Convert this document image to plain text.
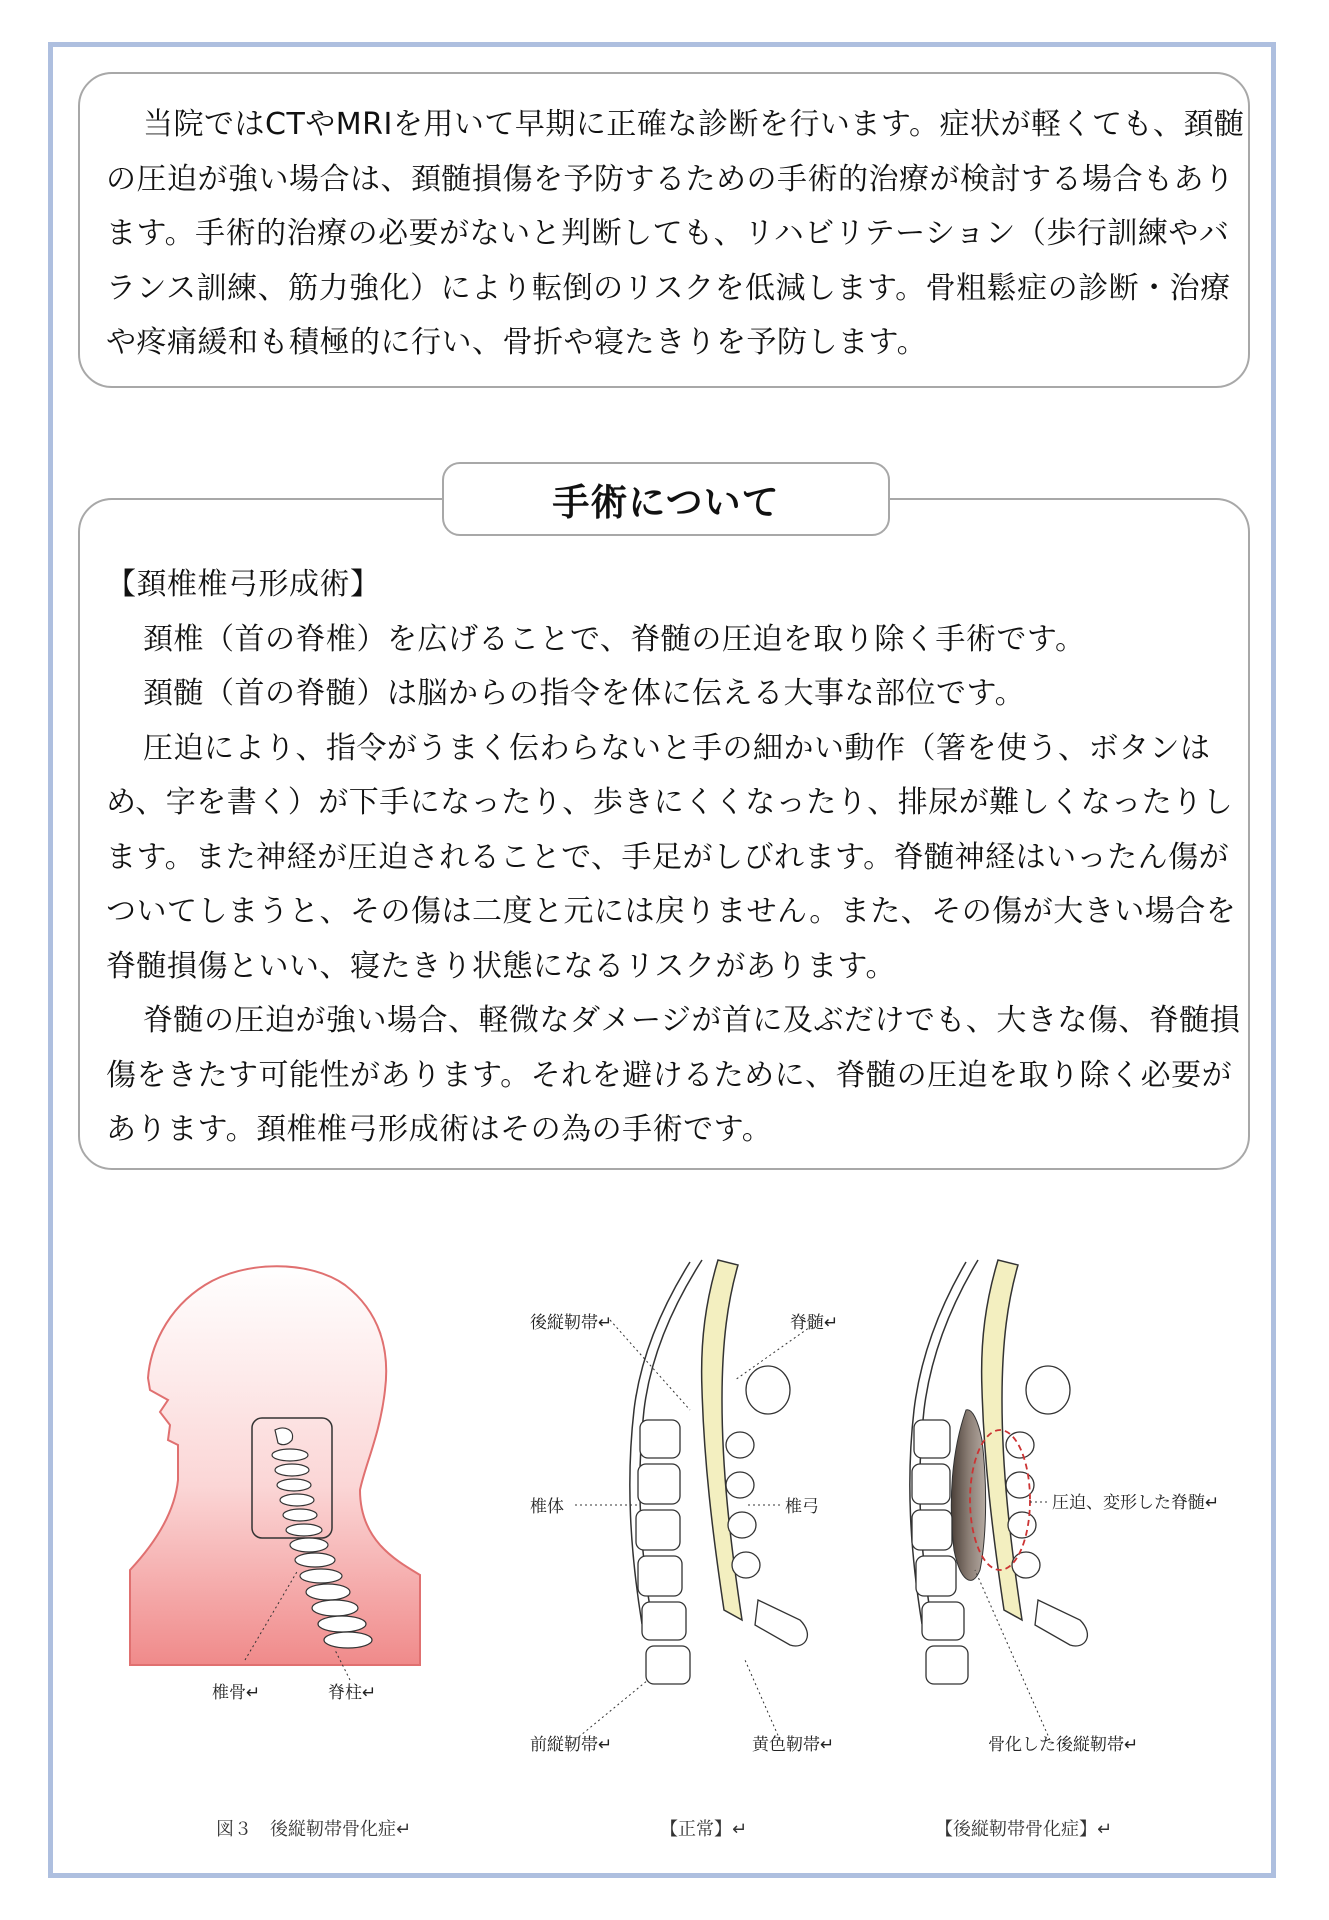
当院ではCTやMRIを用いて早期に正確な診断を行います。症状が軽くても、頚髄の圧迫が強い場合は、頚髄損傷を予防するための手術的治療が検討する場合もあります。手術的治療の必要がないと判断しても、リハビリテーション（歩行訓練やバランス訓練、筋力強化）により転倒のリスクを低減します。骨粗鬆症の診断・治療や疼痛緩和も積極的に行い、骨折や寝たきりを予防します。

手術について
【頚椎椎弓形成術】
頚椎（首の脊椎）を広げることで、脊髄の圧迫を取り除く手術です。
頚髄（首の脊髄）は脳からの指令を体に伝える大事な部位です。
圧迫により、指令がうまく伝わらないと手の細かい動作（箸を使う、ボタンはめ、字を書く）が下手になったり、歩きにくくなったり、排尿が難しくなったりします。また神経が圧迫されることで、手足がしびれます。脊髄神経はいったん傷がついてしまうと、その傷は二度と元には戻りません。また、その傷が大きい場合を脊髄損傷といい、寝たきり状態になるリスクがあります。
脊髄の圧迫が強い場合、軽微なダメージが首に及ぶだけでも、大きな傷、脊髄損傷をきたす可能性があります。それを避けるために、脊髄の圧迫を取り除く必要があります。頚椎椎弓形成術はその為の手術です。
椎骨↵	脊柱↵
後縦靭帯↵	脊髄↵
椎体	椎弓
前縦靭帯↵	黄色靭帯↵
圧迫、変形した脊髄↵
骨化した後縦靭帯↵
図３　後縦靭帯骨化症↵	【正常】↵	【後縦靭帯骨化症】↵
